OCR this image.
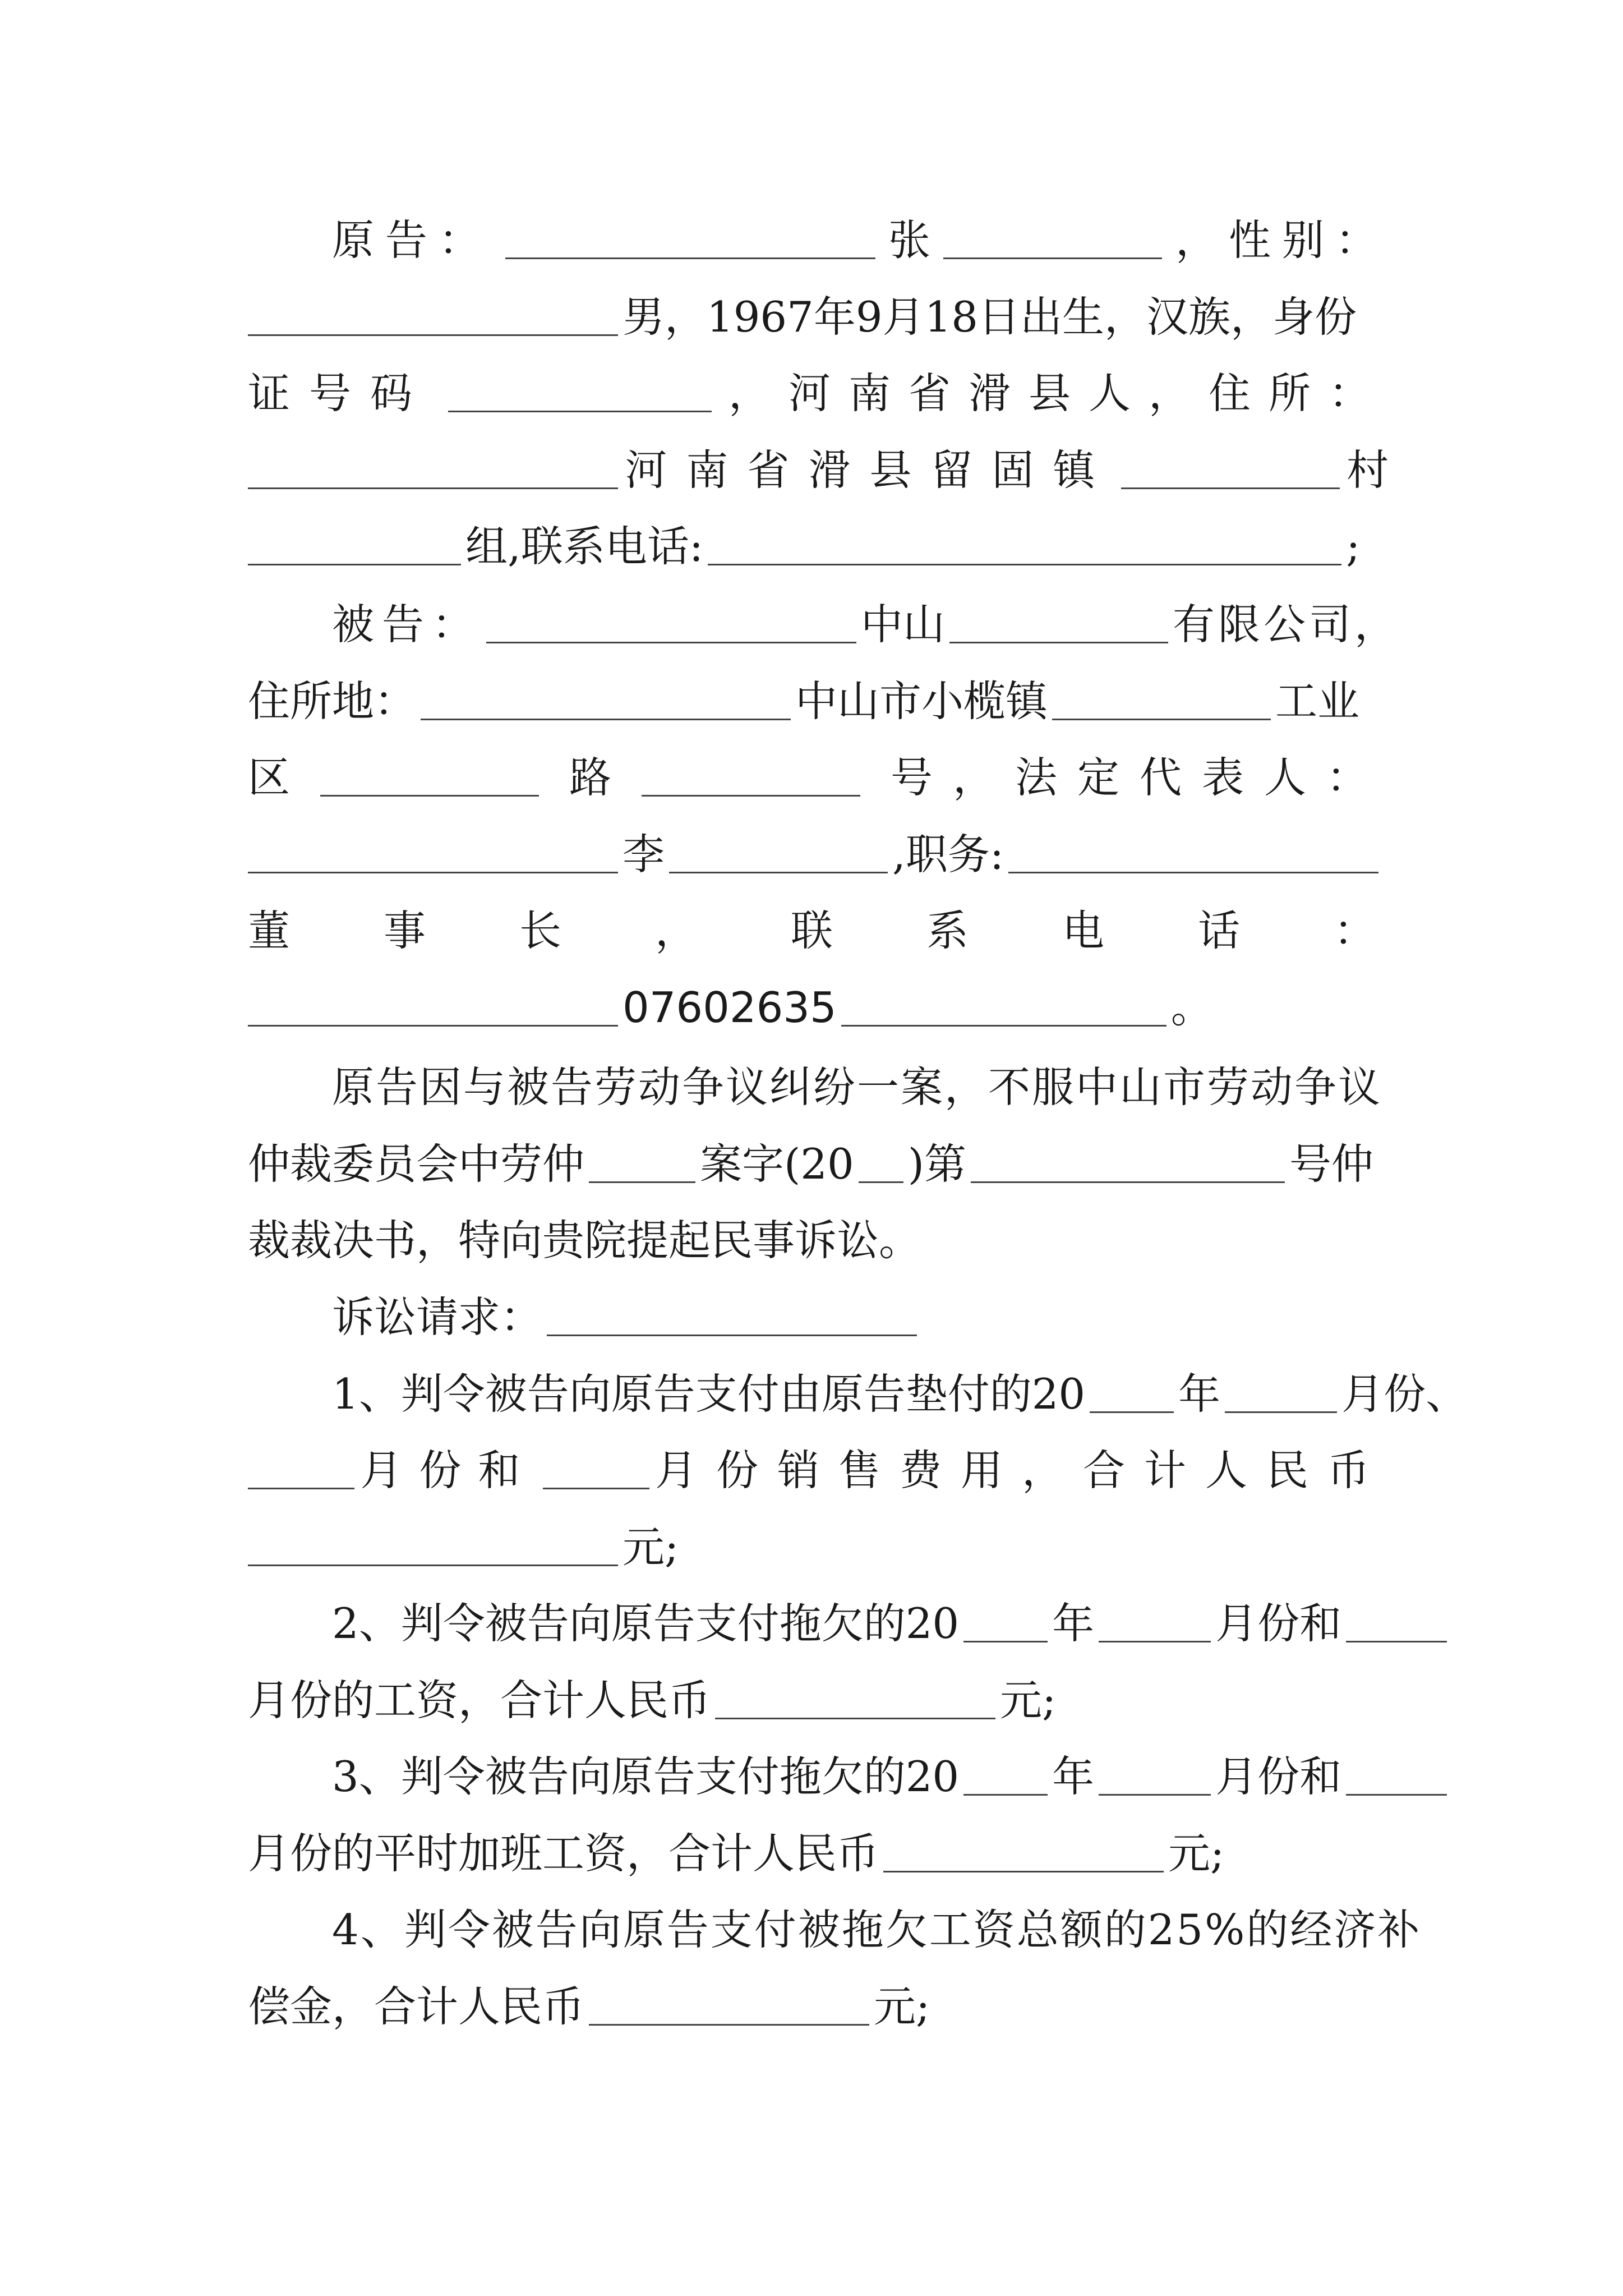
原告：	张	，性别：
男，1967年9月18日出生，汉族，身份
证号码	，河南省滑县人，住所：
河南省滑县留固镇	村
组,联系电话:	;
被告：	中山	有限公司，
住所地：	中山市小榄镇	工业
区	路	号，法定代表人：
李	,职务:
董事长，联系电话：
07602635	。
原告因与被告劳动争议纠纷一案，不服中山市劳动争议
仲裁委员会中劳仲	案字(20 )第	号仲
裁裁决书，特向贵院提起民事诉讼。
诉讼请求：
1、判令被告向原告支付由原告垫付的20 年	月份、
月份和	月份销售费用，合计人民币
元;
2、判令被告向原告支付拖欠的20 年	月份和
月份的工资，合计人民币	元;
3、判令被告向原告支付拖欠的20 年	月份和
月份的平时加班工资，合计人民币	元;
4、判令被告向原告支付被拖欠工资总额的25%的经济补
偿金，合计人民币	元;
